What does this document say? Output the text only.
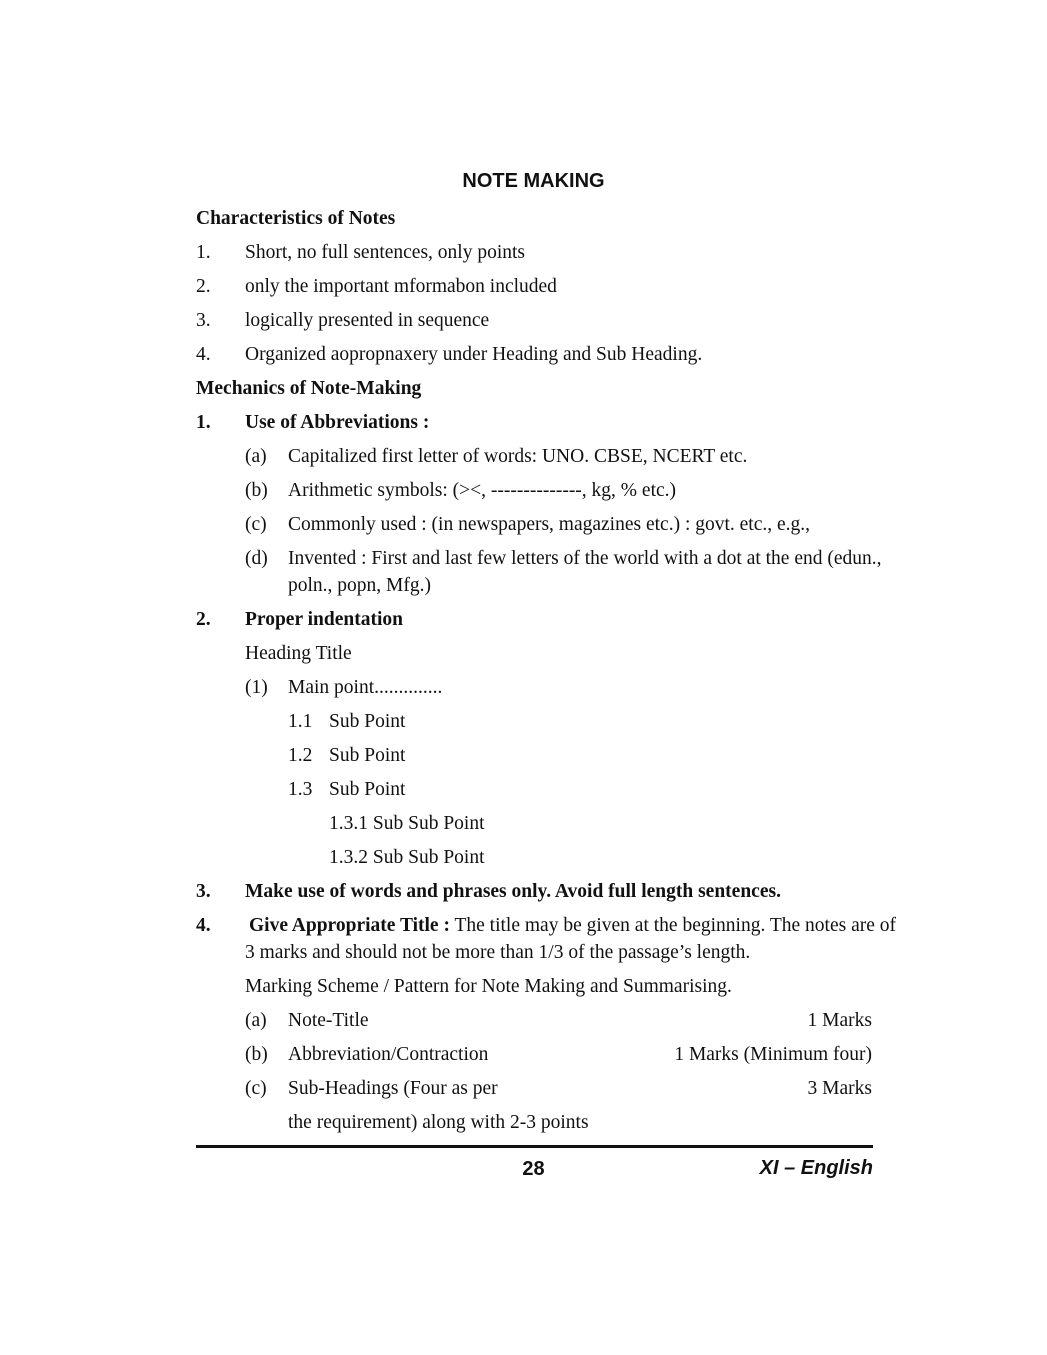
NOTE MAKING
Characteristics of Notes
1. Short, no full sentences, only points
2. only the important mformabon included
3. logically presented in sequence
4. Organized aopropnaxery under Heading and Sub Heading.
Mechanics of Note-Making
1. Use of Abbreviations :
(a) Capitalized first letter of words: UNO. CBSE, NCERT etc.
(b) Arithmetic symbols: (><, --------------, kg, % etc.)
(c) Commonly used : (in newspapers, magazines etc.) : govt. etc., e.g.,
(d) Invented : First and last few letters of the world with a dot at the end (edun.,
poln., popn, Mfg.)
2. Proper indentation
Heading Title
(1) Main point..............
1.1 Sub Point
1.2 Sub Point
1.3 Sub Point
1.3.1 Sub Sub Point
1.3.2 Sub Sub Point
3. Make use of words and phrases only. Avoid full length sentences.
4. Give Appropriate Title : The title may be given at the beginning. The notes are of
3 marks and should not be more than 1/3 of the passage’s length.
Marking Scheme / Pattern for Note Making and Summarising.
(a) Note-Title	1 Marks
(b) Abbreviation/Contraction	1 Marks (Minimum four)
(c) Sub-Headings (Four as per	3 Marks
the requirement) along with 2-3 points
28	XI – English
